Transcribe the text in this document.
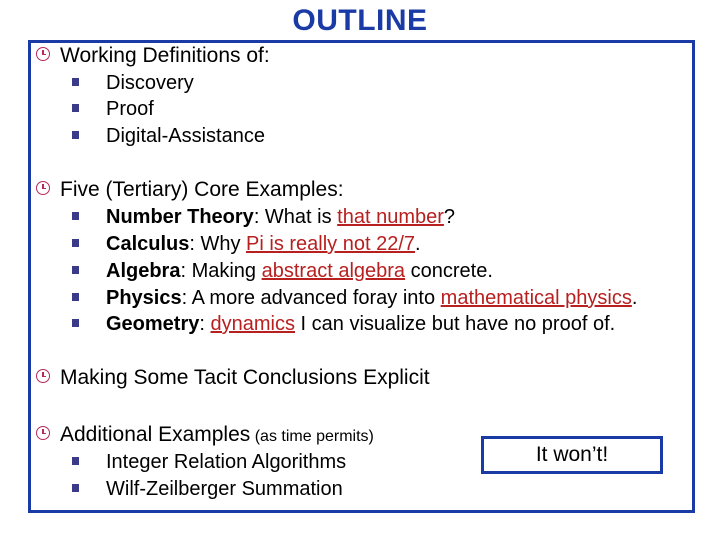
OUTLINE
Working Definitions of:
Discovery
Proof
Digital-Assistance
Five (Tertiary) Core Examples:
Number Theory: What is that number?
Calculus: Why Pi is really not 22/7.
Algebra: Making abstract algebra concrete.
Physics: A more advanced foray into mathematical physics.
Geometry: dynamics I can visualize but have no proof of.
Making Some Tacit Conclusions Explicit
Additional Examples (as time permits)
Integer Relation Algorithms
Wilf-Zeilberger Summation
It won’t!
